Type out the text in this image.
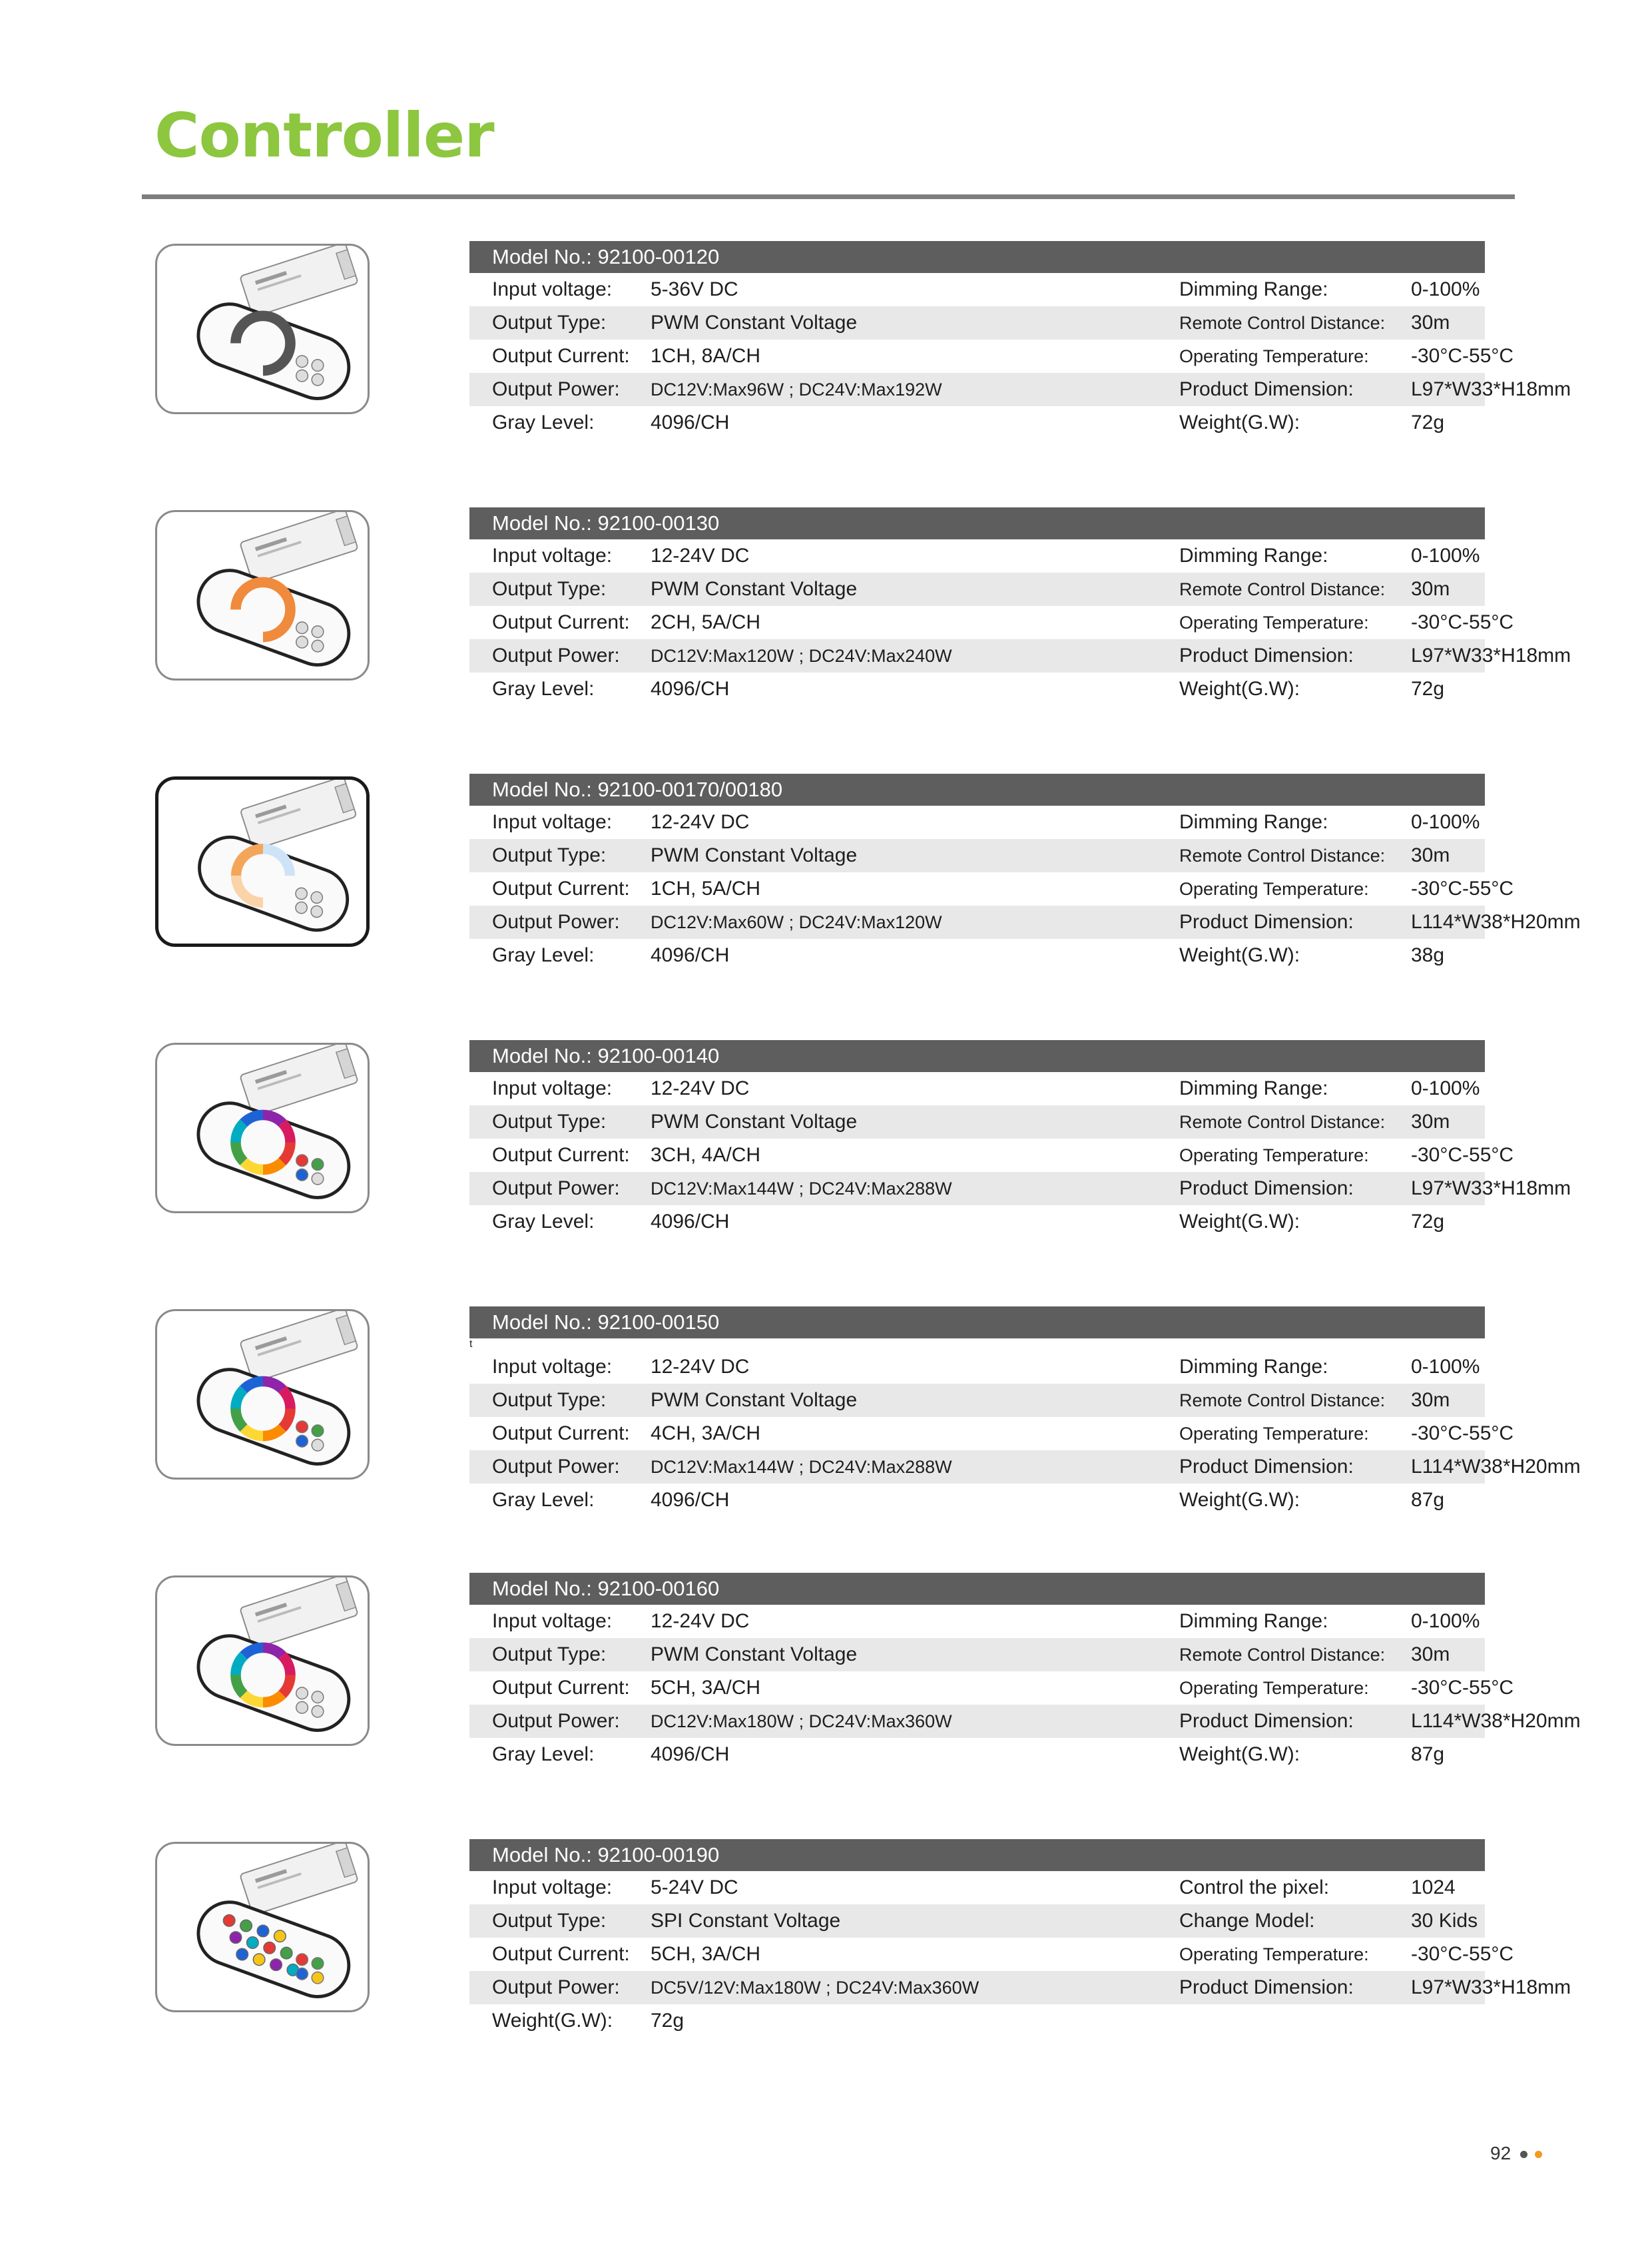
Controller
Model No.: 92100-00120
Input voltage: 5-36V DC	Dimming Range:	0-100%
Output Type: PWM Constant Voltage	Remote Control Distance: 30m
Output Current: 1CH, 8A/CH	Operating Temperature: -30°C-55°C
Output Power: DC12V:Max96W ; DC24V:Max192W	Product Dimension:	L97*W33*H18mm
Gray Level:	4096/CH	Weight(G.W):	72g
Model No.: 92100-00130
Input voltage: 12-24V DC	Dimming Range:	0-100%
Output Type: PWM Constant Voltage	Remote Control Distance: 30m
Output Current: 2CH, 5A/CH	Operating Temperature: -30°C-55°C
Output Power: DC12V:Max120W ; DC24V:Max240W	Product Dimension:	L97*W33*H18mm
Gray Level:	4096/CH	Weight(G.W):	72g
Model No.: 92100-00170/00180
Input voltage: 12-24V DC	Dimming Range:	0-100%
Output Type: PWM Constant Voltage	Remote Control Distance: 30m
Output Current: 1CH, 5A/CH	Operating Temperature: -30°C-55°C
Output Power: DC12V:Max60W ; DC24V:Max120W	Product Dimension:	L114*W38*H20mm
Gray Level:	4096/CH	Weight(G.W):	38g
Model No.: 92100-00140
Input voltage: 12-24V DC	Dimming Range:	0-100%
Output Type: PWM Constant Voltage	Remote Control Distance: 30m
Output Current: 3CH, 4A/CH	Operating Temperature: -30°C-55°C
Output Power: DC12V:Max144W ; DC24V:Max288W	Product Dimension:	L97*W33*H18mm
Gray Level:	4096/CH	Weight(G.W):	72g
Model No.: 92100-00150
t
Input voltage: 12-24V DC	Dimming Range:	0-100%
Output Type: PWM Constant Voltage	Remote Control Distance: 30m
Output Current: 4CH, 3A/CH	Operating Temperature: -30°C-55°C
Output Power: DC12V:Max144W ; DC24V:Max288W	Product Dimension:	L114*W38*H20mm
Gray Level:	4096/CH	Weight(G.W):	87g
Model No.: 92100-00160
Input voltage: 12-24V DC	Dimming Range:	0-100%
Output Type: PWM Constant Voltage	Remote Control Distance: 30m
Output Current: 5CH, 3A/CH	Operating Temperature: -30°C-55°C
Output Power: DC12V:Max180W ; DC24V:Max360W	Product Dimension:	L114*W38*H20mm
Gray Level:	4096/CH	Weight(G.W):	87g
Model No.: 92100-00190
Input voltage: 5-24V DC	Control the pixel:	1024
Output Type: SPI Constant Voltage	Change Model:	30 Kids
Output Current: 5CH, 3A/CH	Operating Temperature: -30°C-55°C
Output Power: DC5V/12V:Max180W ; DC24V:Max360W	Product Dimension:	L97*W33*H18mm
Weight(G.W): 72g
92
